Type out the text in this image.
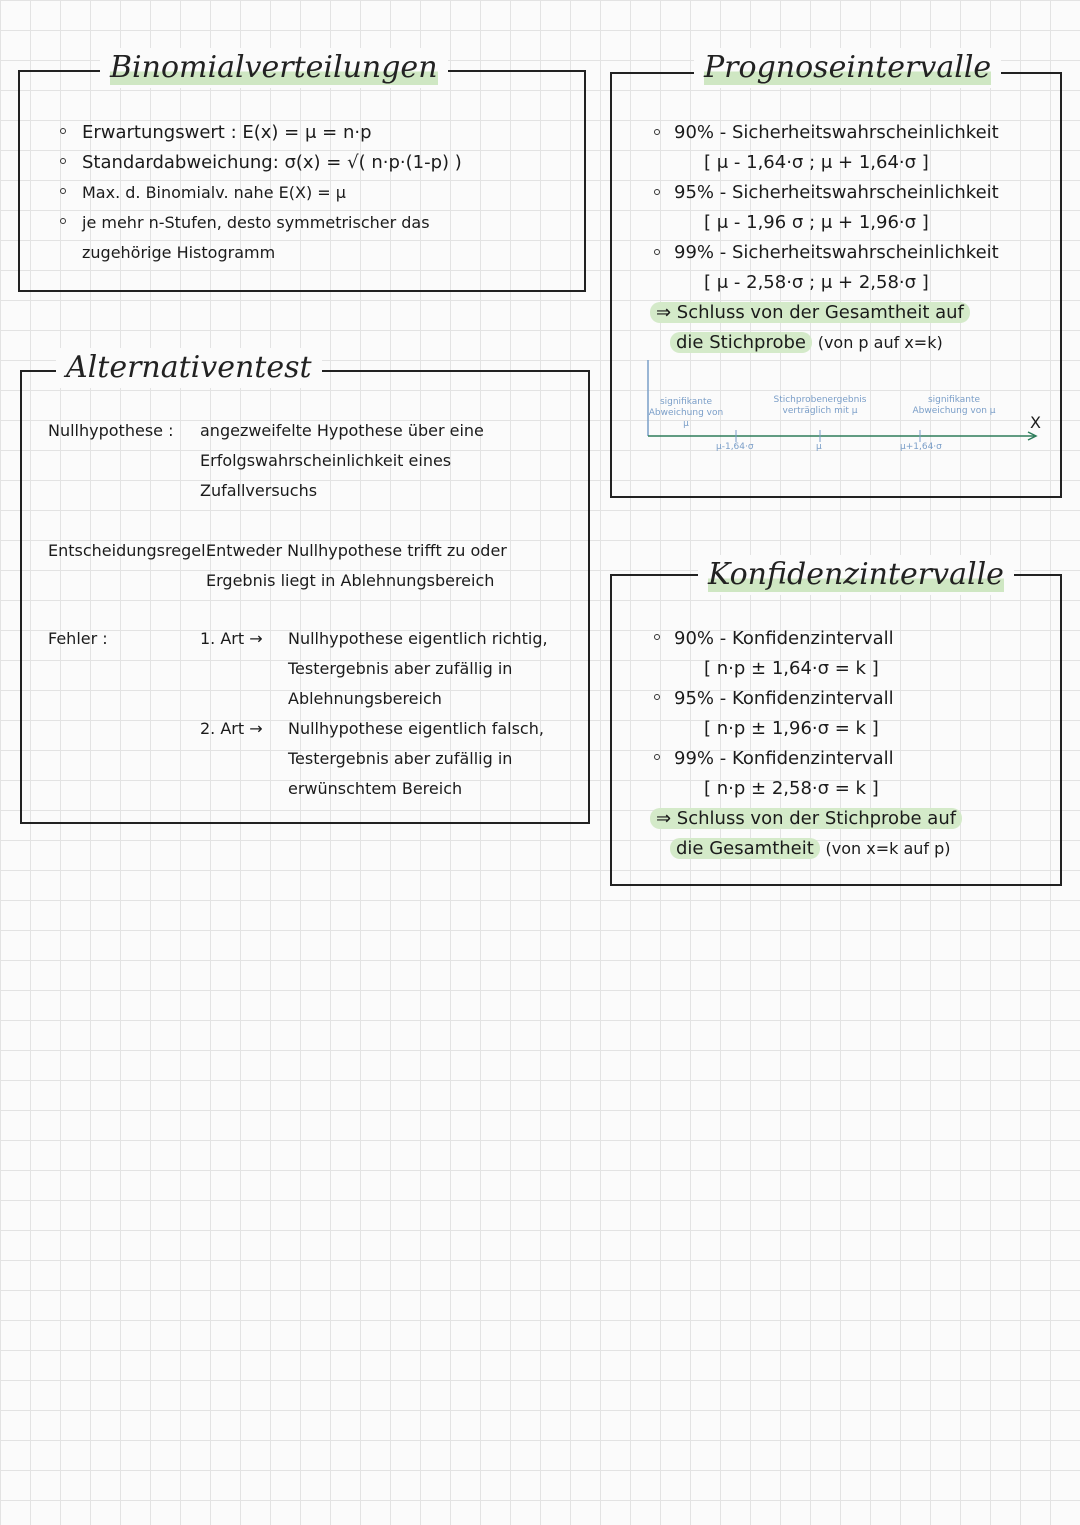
Binomialverteilungen
Erwartungswert : E(x) = μ = n·p
Standardabweichung: σ(x) = √( n·p·(1-p) )
Max. d. Binomialv. nahe E(X) = μ
je mehr n-Stufen, desto symmetrischer das
zugehörige Histogramm
Alternativentest
Nullhypothese : angezweifelte Hypothese über eine
Erfolgswahrscheinlichkeit eines
Zufallversuchs
Entscheidungsregel:
Entweder Nullhypothese trifft zu oder
Ergebnis liegt in Ablehnungsbereich
Fehler :	1. Art → Nullhypothese eigentlich richtig,
Testergebnis aber zufällig in
Ablehnungsbereich
2. Art → Nullhypothese eigentlich falsch,
Testergebnis aber zufällig in
erwünschtem Bereich
Prognoseintervalle
90% - Sicherheitswahrscheinlichkeit
[ μ - 1,64·σ ; μ + 1,64·σ ]
95% - Sicherheitswahrscheinlichkeit
[ μ - 1,96 σ ; μ + 1,96·σ ]
99% - Sicherheitswahrscheinlichkeit
[ μ - 2,58·σ ; μ + 2,58·σ ]
⇒ Schluss von der Gesamtheit auf
die Stichprobe (von p auf x=k)
signifikante Abweichung von μ
Stichprobenergebnis verträglich mit μ
signifikante Abweichung von μ
μ-1,64·σ	μ	μ+1,64·σ
X
Konfidenzintervalle
90% - Konfidenzintervall
[ n·p ± 1,64·σ = k ]
95% - Konfidenzintervall
[ n·p ± 1,96·σ = k ]
99% - Konfidenzintervall
[ n·p ± 2,58·σ = k ]
⇒ Schluss von der Stichprobe auf
die Gesamtheit (von x=k auf p)
